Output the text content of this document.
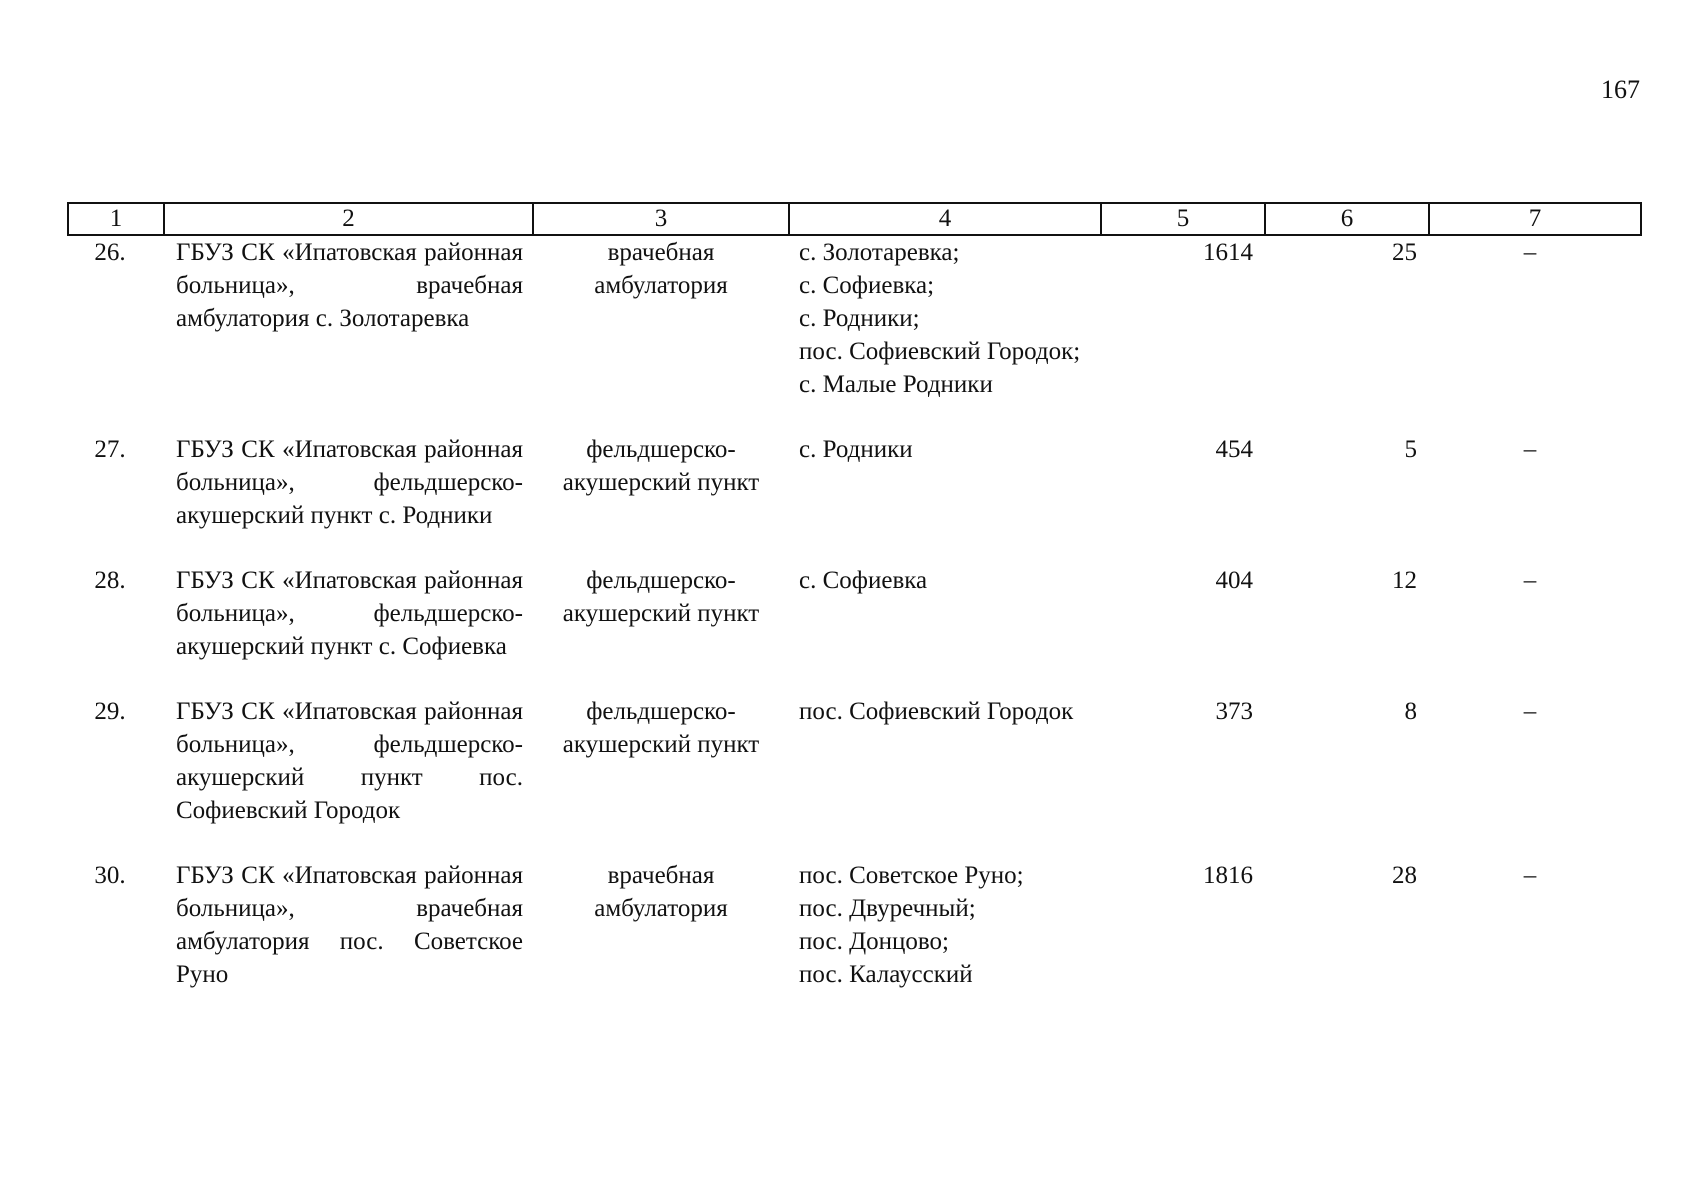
167
1	2	3	4	5	6	7
26.	ГБУЗ СК «Ипатовская районная больница», врачебная амбулатория с. Золотаревка	врачебная амбулатория	с. Золотаревка;
с. Софиевка;
с. Родники;
пос. Софиевский Городок;
с. Малые Родники	1614	25	–
27.	ГБУЗ СК «Ипатовская районная больница», фельдшерско-акушерский пункт с. Родники	фельдшерско-акушерский пункт	с. Родники	454	5	–
28.	ГБУЗ СК «Ипатовская районная больница», фельдшерско-акушерский пункт с. Софиевка	фельдшерско-акушерский пункт	с. Софиевка	404	12	–
29.	ГБУЗ СК «Ипатовская районная больница», фельдшерско-акушерский пункт пос. Софиевский Городок	фельдшерско-акушерский пункт	пос. Софиевский Городок	373	8	–
30.	ГБУЗ СК «Ипатовская районная больница», врачебная амбулатория пос. Советское Руно	врачебная амбулатория	пос. Советское Руно;
пос. Двуречный;
пос. Донцово;
пос. Калаусский	1816	28	–
